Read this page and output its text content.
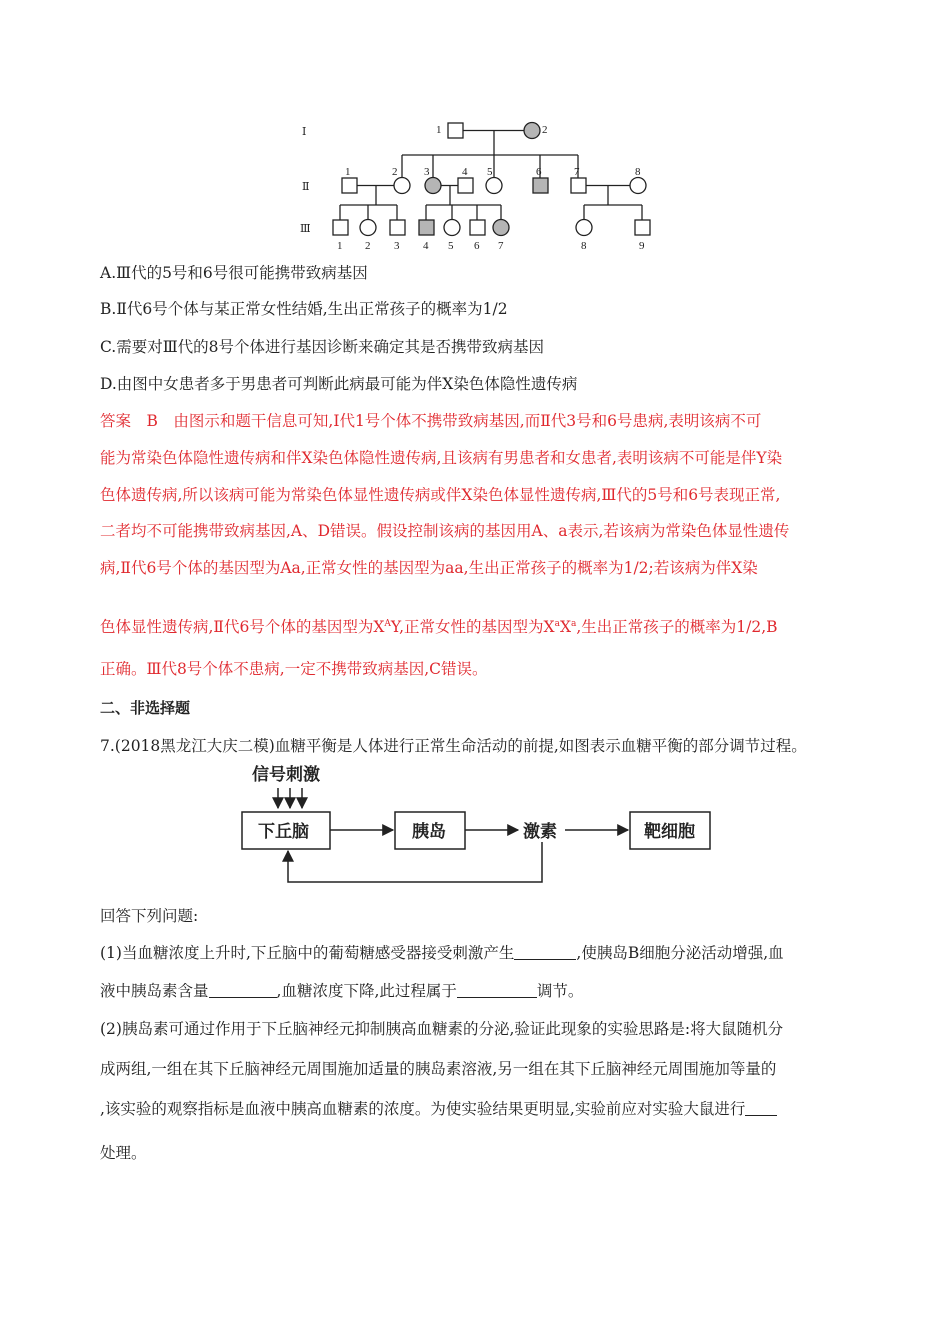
Ⅰ
Ⅱ
Ⅲ
1	2
1	2 3	4 5	6	7	8
1 2 3 4 5 6 7	8	9
A.Ⅲ代的5号和6号很可能携带致病基因
B.Ⅱ代6号个体与某正常女性结婚,生出正常孩子的概率为1/2
C.需要对Ⅲ代的8号个体进行基因诊断来确定其是否携带致病基因
D.由图中女患者多于男患者可判断此病最可能为伴X染色体隐性遗传病
答案　B　由图示和题干信息可知,Ⅰ代1号个体不携带致病基因,而Ⅱ代3号和6号患病,表明该病不可
能为常染色体隐性遗传病和伴X染色体隐性遗传病,且该病有男患者和女患者,表明该病不可能是伴Y染
色体遗传病,所以该病可能为常染色体显性遗传病或伴X染色体显性遗传病,Ⅲ代的5号和6号表现正常,
二者均不可能携带致病基因,A、D错误。假设控制该病的基因用A、a表示,若该病为常染色体显性遗传
病,Ⅱ代6号个体的基因型为Aa,正常女性的基因型为aa,生出正常孩子的概率为1/2;若该病为伴X染
色体显性遗传病,Ⅱ代6号个体的基因型为$X^AY$,正常女性的基因型为$X^aX^a$,生出正常孩子的概率为1/2,B
正确。Ⅲ代8号个体不患病,一定不携带致病基因,C错误。
二、非选择题
7.(2018黑龙江大庆二模)血糖平衡是人体进行正常生命活动的前提,如图表示血糖平衡的部分调节过程。
信号刺激
下丘脑	胰岛	激素	靶细胞
回答下列问题:
(1)当血糖浓度上升时,下丘脑中的葡萄糖感受器接受刺激产生	,使胰岛B细胞分泌活动增强,血
液中胰岛素含量	,血糖浓度下降,此过程属于	调节。
(2)胰岛素可通过作用于下丘脑神经元抑制胰高血糖素的分泌,验证此现象的实验思路是:将大鼠随机分
成两组,一组在其下丘脑神经元周围施加适量的胰岛素溶液,另一组在其下丘脑神经元周围施加等量的
,该实验的观察指标是血液中胰高血糖素的浓度。为使实验结果更明显,实验前应对实验大鼠进行
处理。
